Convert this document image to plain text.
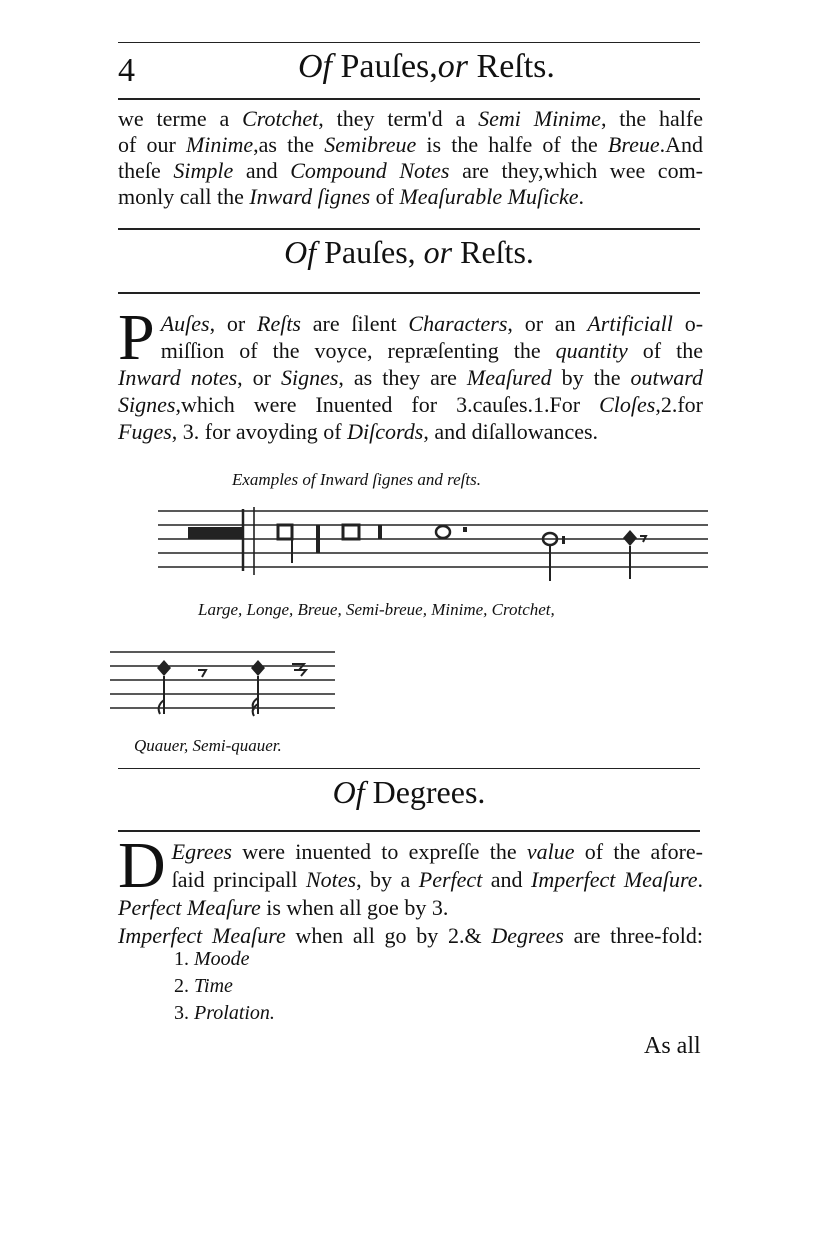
4	Of Pauſes,or Reſts.
we terme a Crotchet, they term'd a Semi Minime, the halfe
of our Minime,as the Semibreue is the halfe of the Breue.And
theſe Simple and Compound Notes are they,which wee com-
monly call the Inward ſignes of Meaſurable Muſicke.
Of Pauſes, or Reſts.
P Auſes, or Reſts are ſilent Characters, or an Artificiall o-
miſſion of the voyce, repræſenting the quantity of the
Inward notes, or Signes, as they are Meaſured by the outward
Signes,which were Inuented for 3.cauſes.1.For Cloſes,2.for
Fuges, 3. for avoyding of Diſcords, and diſallowances.
Examples of Inward ſignes and reſts.
Large, Longe, Breue, Semi-breue, Minime, Crotchet,
Quauer, Semi-quauer.
Of Degrees.
D Egrees were inuented to expreſſe the value of the afore-
ſaid principall Notes, by a Perfect and Imperfect Meaſure.
Perfect Meaſure is when all goe by 3.
Imperfect Meaſure when all go by 2.& Degrees are three-fold:
1. Moode
2. Time
3. Prolation.
As all
